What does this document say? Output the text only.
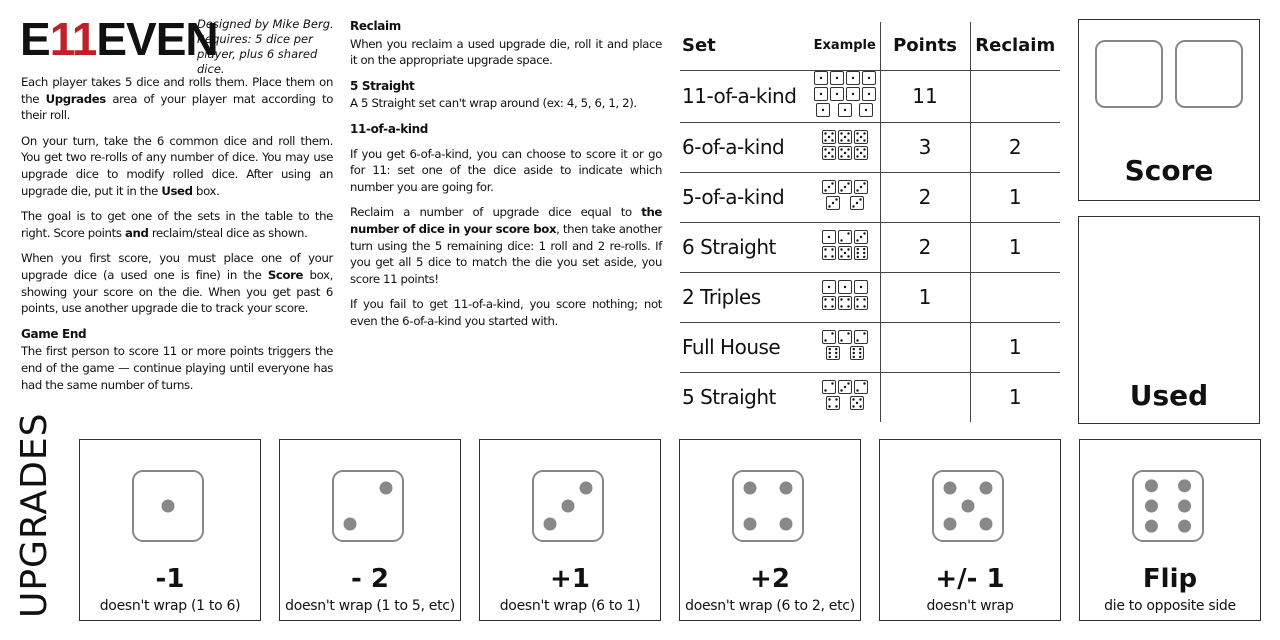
E11EVEN
Designed by Mike Berg.
Requires: 5 dice per
player, plus 6 shared dice.

Each player takes 5 dice and rolls them. Place them on the Upgrades area of your player mat according to their roll.

On your turn, take the 6 common dice and roll them. You get two re-rolls of any number of dice. You may use upgrade dice to modify rolled dice. After using an upgrade die, put it in the Used box.

The goal is to get one of the sets in the table to the right. Score points and reclaim/steal dice as shown.

When you first score, you must place one of your upgrade dice (a used one is fine) in the Score box, showing your score on the die. When you get past 6 points, use another upgrade die to track your score.

Game End

The first person to score 11 or more points triggers the end of the game — continue playing until everyone has had the same number of turns.

Reclaim

When you reclaim a used upgrade die, roll it and place it on the appropriate upgrade space.

5 Straight

A 5 Straight set can't wrap around (ex: 4, 5, 6, 1, 2).

11-of-a-kind

If you get 6-of-a-kind, you can choose to score it or go for 11: set one of the dice aside to indicate which number you are going for.

Reclaim a number of upgrade dice equal to the number of dice in your score box, then take another turn using the 5 remaining dice: 1 roll and 2 re-rolls. If you get all 5 dice to match the die you set aside, you score 11 points!

If you fail to get 11-of-a-kind, you score nothing; not even the 6-of-a-kind you started with.

Set	Example	Points	Reclaim
11-of-a-kind		11	
6-of-a-kind		3	2
5-of-a-kind		2	1
6 Straight		2	1
2 Triples		1	
Full House			1
5 Straight			1
Score
Used
UPGRADES	-1
doesn't wrap (1 to 6)
- 2
doesn't wrap (1 to 5, etc)
+1
doesn't wrap (6 to 1)
+2
doesn't wrap (6 to 2, etc)
+/- 1
doesn't wrap
Flip
die to opposite side
